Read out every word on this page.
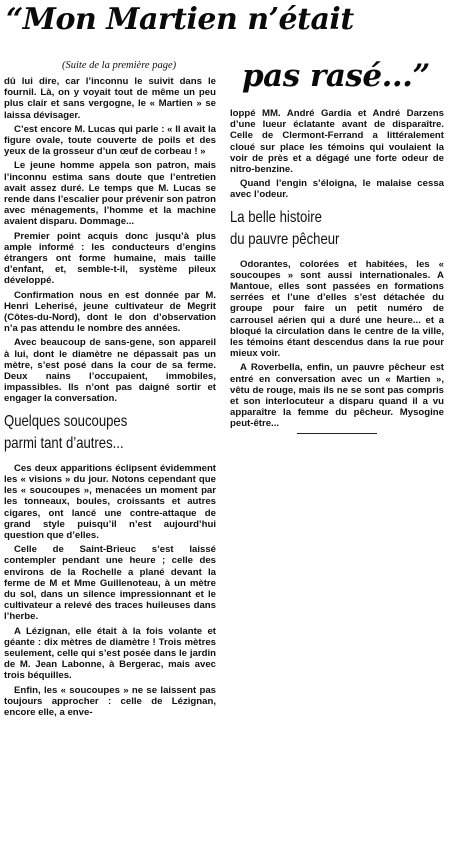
“Mon Martien n’était
pas rasé...”
(Suite de la première page)

dû lui dire, car l’inconnu le suivit dans le fournil. Là, on y voyait tout de même un peu plus clair et sans vergogne, le « Martien » se laissa dévisager.

C’est encore M. Lucas qui parle : « Il avait la figure ovale, toute couverte de poils et des yeux de la grosseur d’un œuf de corbeau ! »

Le jeune homme appela son patron, mais l’inconnu estima sans doute que l’entretien avait assez duré. Le temps que M. Lucas se rende dans l’escalier pour prévenir son patron avec ménagements, l’homme et la machine avaient disparu. Dommage...

Premier point acquis donc jusqu’à plus ample informé : les conducteurs d’engins étrangers ont forme humaine, mais taille d’enfant, et, semble-t-il, système pileux développé.

Confirmation nous en est donnée par M. Henri Leherisé, jeune cultivateur de Megrit (Côtes-du-Nord), dont le don d’observation n’a pas attendu le nombre des années.

Avec beaucoup de sans-gene, son appareil à lui, dont le diamètre ne dépassait pas un mètre, s’est posé dans la cour de sa ferme. Deux nains l’occupaient, immobiles, impassibles. Ils n’ont pas daigné sortir et engager la conversation.

Quelques soucoupes
parmi tant d’autres...

Ces deux apparitions éclipsent évidemment les « visions » du jour. Notons cependant que les « soucoupes », menacées un moment par les tonneaux, boules, croissants et autres cigares, ont lancé une contre-attaque de grand style puisqu’il n’est aujourd’hui question que d’elles.

Celle de Saint-Brieuc s’est laissé contempler pendant une heure ; celle des environs de la Rochelle a plané devant la ferme de M et Mme Guillenoteau, à un mètre du sol, dans un silence impressionnant et le cultivateur a relevé des traces huileuses dans l’herbe.

A Lézignan, elle était à la fois volante et géante : dix mètres de diamètre ! Trois mètres seulement, celle qui s’est posée dans le jardin de M. Jean Labonne, à Bergerac, mais avec trois béquilles.

Enfin, les « soucoupes » ne se laissent pas toujours approcher : celle de Lézignan, encore elle, a enve-

loppé MM. André Gardia et André Darzens d’une lueur éclatante avant de disparaître. Celle de Clermont-Ferrand a littéralement cloué sur place les témoins qui voulaient la voir de près et a dégagé une forte odeur de nitro-benzine.

Quand l’engin s’éloigna, le malaise cessa avec l’odeur.

La belle histoire
du pauvre pêcheur

Odorantes, colorées et habitées, les « soucoupes » sont aussi internationales. A Mantoue, elles sont passées en formations serrées et l’une d’elles s’est détachée du groupe pour faire un petit numéro de carrousel aérien qui a duré une heure... et a bloqué la circulation dans le centre de la ville, les témoins étant descendus dans la rue pour mieux voir.

A Roverbella, enfin, un pauvre pêcheur est entré en conversation avec un « Martien », vêtu de rouge, mais ils ne se sont pas compris et son interlocuteur a disparu quand il a vu apparaître la femme du pêcheur. Mysogine peut-être...
